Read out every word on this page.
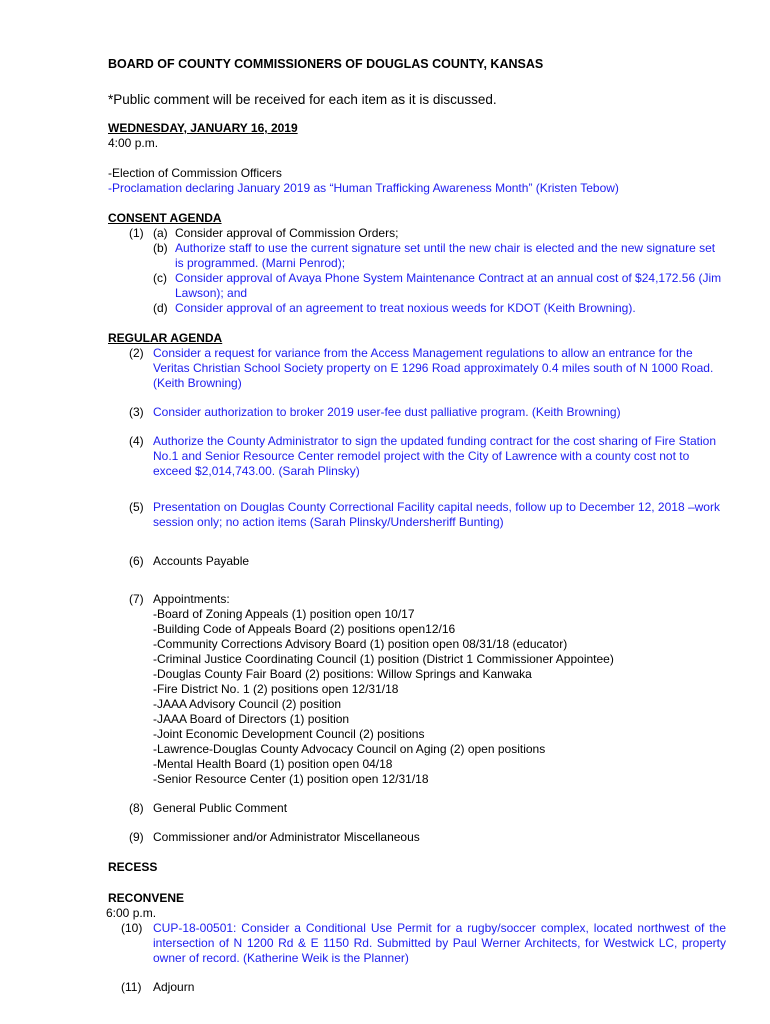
BOARD OF COUNTY COMMISSIONERS OF DOUGLAS COUNTY, KANSAS
*Public comment will be received for each item as it is discussed.
WEDNESDAY, JANUARY 16, 2019
4:00 p.m.
-Election of Commission Officers
-Proclamation declaring January 2019 as “Human Trafficking Awareness Month” (Kristen Tebow)
CONSENT AGENDA
(1) (a) Consider approval of Commission Orders;
(b) Authorize staff to use the current signature set until the new chair is elected and the new signature set is programmed. (Marni Penrod);
(c) Consider approval of Avaya Phone System Maintenance Contract at an annual cost of $24,172.56 (Jim Lawson); and
(d) Consider approval of an agreement to treat noxious weeds for KDOT (Keith Browning).
REGULAR AGENDA
(2) Consider a request for variance from the Access Management regulations to allow an entrance for the Veritas Christian School Society property on E 1296 Road approximately 0.4 miles south of N 1000 Road. (Keith Browning)
(3) Consider authorization to broker 2019 user-fee dust palliative program. (Keith Browning)
(4) Authorize the County Administrator to sign the updated funding contract for the cost sharing of Fire Station No.1 and Senior Resource Center remodel project with the City of Lawrence with a county cost not to exceed $2,014,743.00. (Sarah Plinsky)
(5) Presentation on Douglas County Correctional Facility capital needs, follow up to December 12, 2018 –work session only; no action items (Sarah Plinsky/Undersheriff Bunting)
(6) Accounts Payable
(7) Appointments:
-Board of Zoning Appeals (1) position open 10/17
-Building Code of Appeals Board (2) positions open12/16
-Community Corrections Advisory Board (1) position open 08/31/18 (educator)
-Criminal Justice Coordinating Council (1) position (District 1 Commissioner Appointee)
-Douglas County Fair Board (2) positions: Willow Springs and Kanwaka
-Fire District No. 1 (2) positions open 12/31/18
-JAAA Advisory Council (2) position
-JAAA Board of Directors (1) position
-Joint Economic Development Council (2) positions
-Lawrence-Douglas County Advocacy Council on Aging (2) open positions
-Mental Health Board (1) position open 04/18
-Senior Resource Center (1) position open 12/31/18
(8) General Public Comment
(9) Commissioner and/or Administrator Miscellaneous
RECESS
RECONVENE
6:00 p.m.
(10) CUP-18-00501: Consider a Conditional Use Permit for a rugby/soccer complex, located northwest of the intersection of N 1200 Rd & E 1150 Rd. Submitted by Paul Werner Architects, for Westwick LC, property owner of record. (Katherine Weik is the Planner)
(11) Adjourn
